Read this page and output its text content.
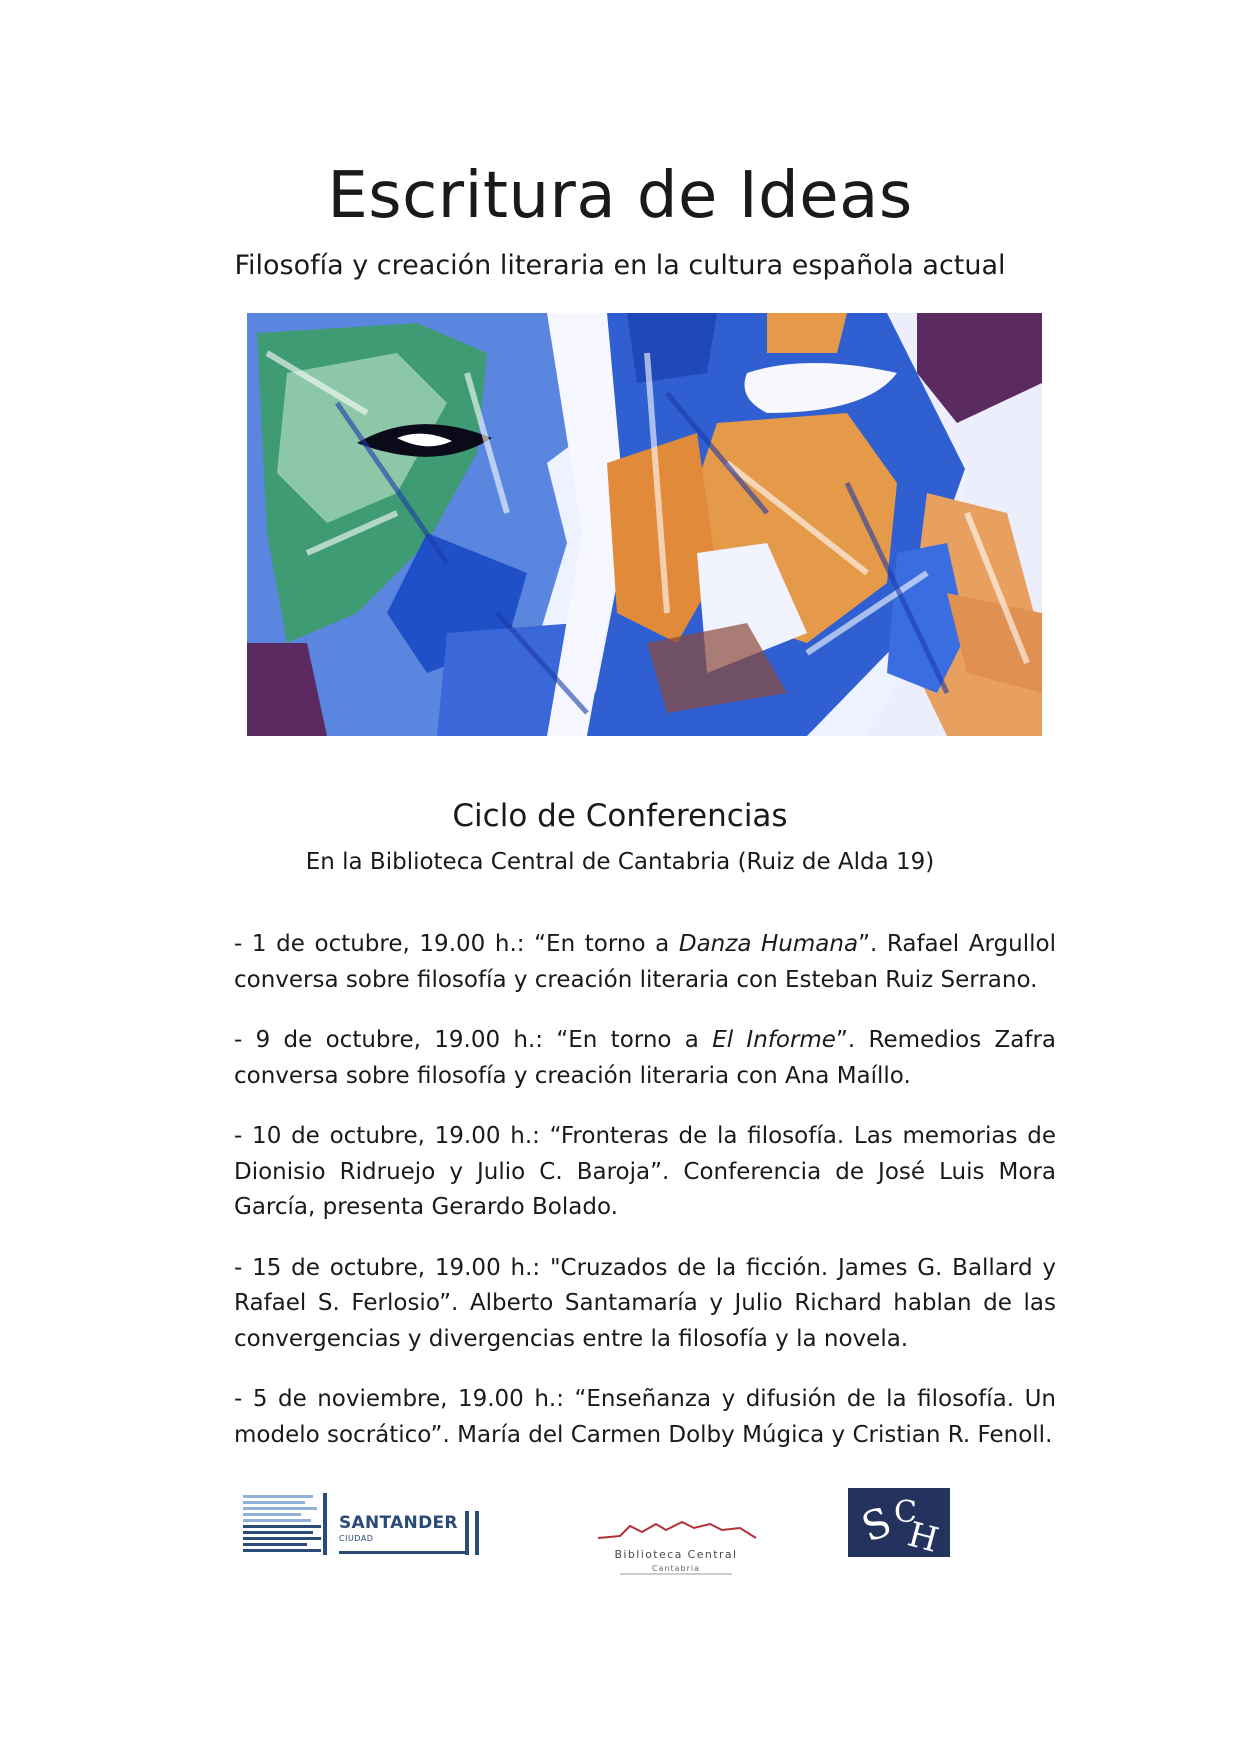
Escritura de Ideas
Filosofía y creación literaria en la cultura española actual
Ciclo de Conferencias
En la Biblioteca Central de Cantabria (Ruiz de Alda 19)

- 1 de octubre, 19.00 h.: “En torno a Danza Humana”. Rafael Argullol conversa sobre filosofía y creación literaria con Esteban Ruiz Serrano.

- 9 de octubre, 19.00 h.: “En torno a El Informe”. Remedios Zafra conversa sobre filosofía y creación literaria con Ana Maíllo.

- 10 de octubre, 19.00 h.: “Fronteras de la filosofía. Las memorias de Dionisio Ridruejo y Julio C. Baroja”. Conferencia de José Luis Mora García, presenta Gerardo Bolado.

- 15 de octubre, 19.00 h.: "Cruzados de la ficción. James G. Ballard y Rafael S. Ferlosio”. Alberto Santamaría y Julio Richard hablan de las convergencias y divergencias entre la filosofía y la novela.

- 5 de noviembre, 19.00 h.: “Enseñanza y difusión de la filosofía. Un modelo socrático”. María del Carmen Dolby Múgica y Cristian R. Fenoll.

SANTANDER
CIUDAD
Biblioteca Central
Cantabria
S
C
H
